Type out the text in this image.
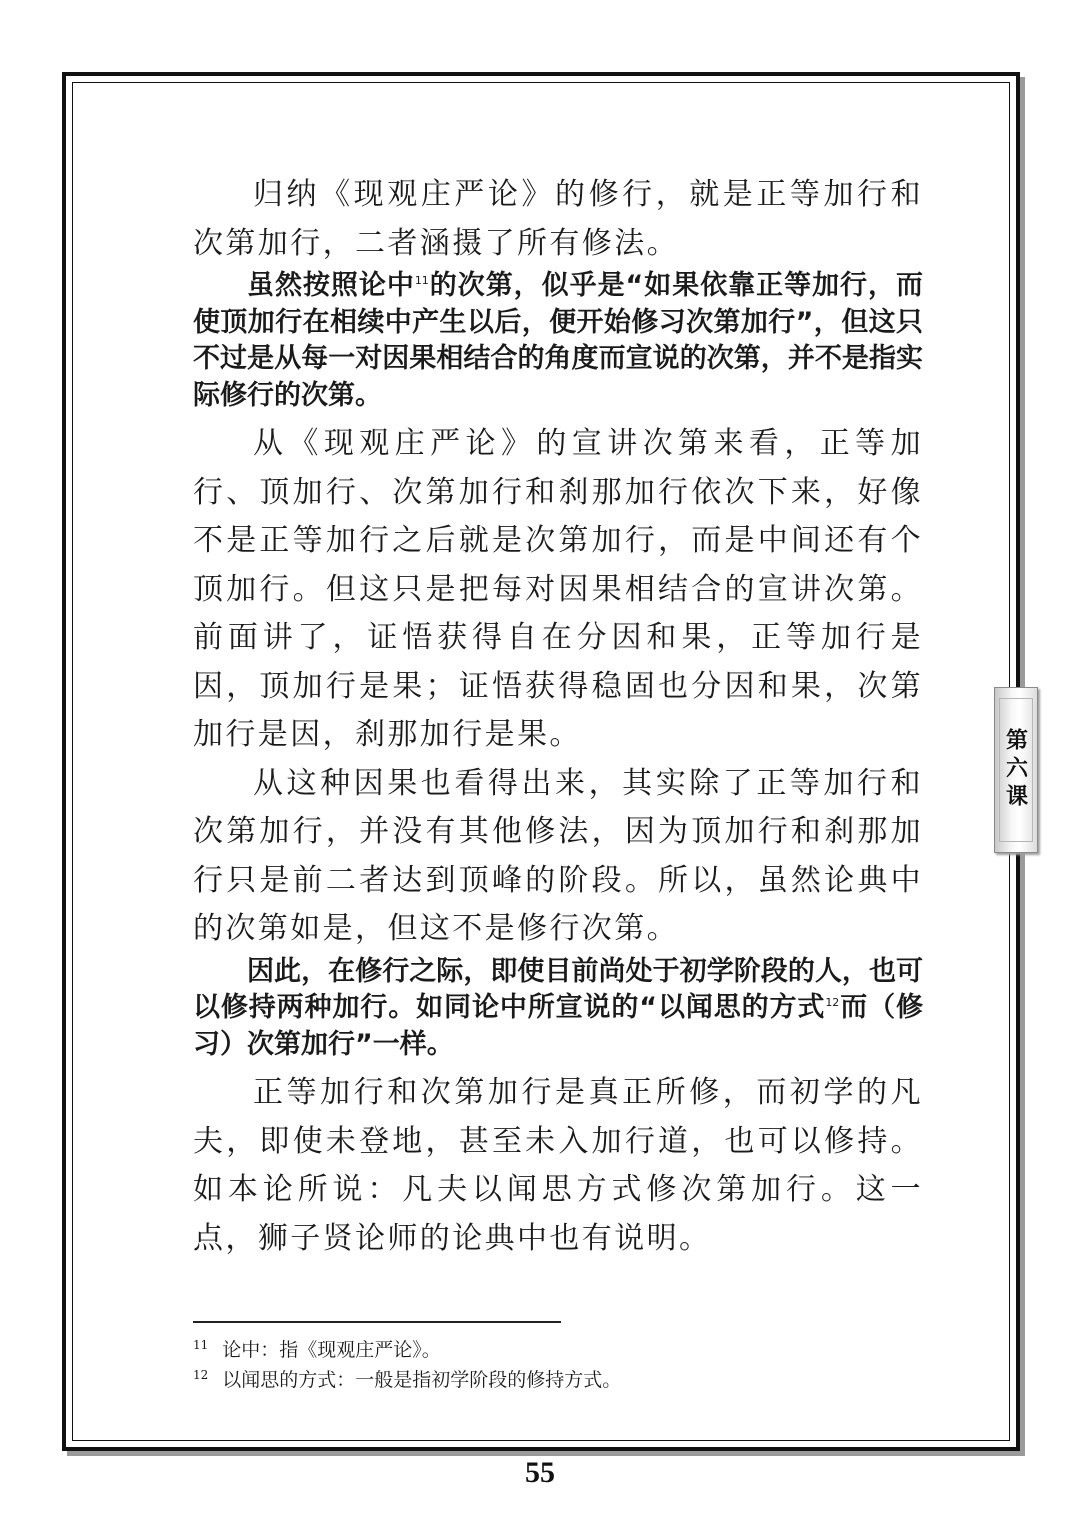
归纳《现观庄严论》的修行，就是正等加行和次第加行，二者涵摄了所有修法。

虽然按照论中$^{11}$的次第，似乎是“如果依靠正等加行，而使顶加行在相续中产生以后，便开始修习次第加行”，但这只不过是从每一对因果相结合的角度而宣说的次第，并不是指实际修行的次第。

从《现观庄严论》的宣讲次第来看，正等加行、顶加行、次第加行和刹那加行依次下来，好像不是正等加行之后就是次第加行，而是中间还有个顶加行。但这只是把每对因果相结合的宣讲次第。前面讲了，证悟获得自在分因和果，正等加行是因，顶加行是果；证悟获得稳固也分因和果，次第加行是因，刹那加行是果。

从这种因果也看得出来，其实除了正等加行和次第加行，并没有其他修法，因为顶加行和刹那加行只是前二者达到顶峰的阶段。所以，虽然论典中的次第如是，但这不是修行次第。

因此，在修行之际，即使目前尚处于初学阶段的人，也可以修持两种加行。如同论中所宣说的“以闻思的方式$^{12}$而（修习）次第加行”一样。

正等加行和次第加行是真正所修，而初学的凡夫，即使未登地，甚至未入加行道，也可以修持。如本论所说：凡夫以闻思方式修次第加行。这一点，狮子贤论师的论典中也有说明。

$^{11}$ 论中：指《现观庄严论》。
$^{12}$ 以闻思的方式：一般是指初学阶段的修持方式。
第六课
55
